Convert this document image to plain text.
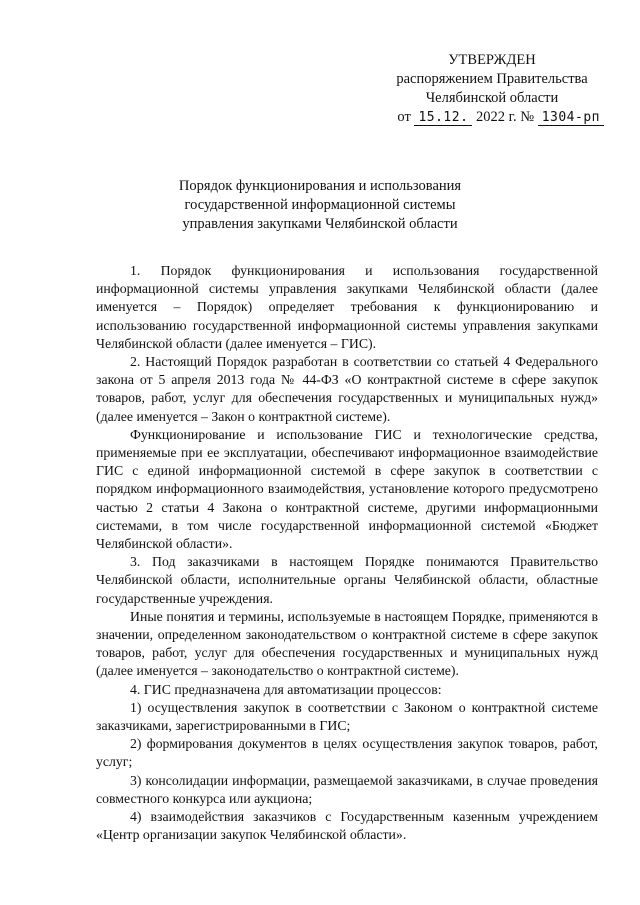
УТВЕРЖДЕН
распоряжением Правительства
Челябинской области
от 15.12. 2022 г. № 1304-рп
Порядок функционирования и использования
государственной информационной системы
управления закупками Челябинской области

1. Порядок функционирования и использования государственной информационной системы управления закупками Челябинской области (далее именуется – Порядок) определяет требования к функционированию и использованию государственной информационной системы управления закупками Челябинской области (далее именуется – ГИС).

2. Настоящий Порядок разработан в соответствии со статьей 4 Федерального закона от 5 апреля 2013 года № 44-ФЗ «О контрактной системе в сфере закупок товаров, работ, услуг для обеспечения государственных и муниципальных нужд» (далее именуется – Закон о контрактной системе).

Функционирование и использование ГИС и технологические средства, применяемые при ее эксплуатации, обеспечивают информационное взаимодействие ГИС с единой информационной системой в сфере закупок в соответствии с порядком информационного взаимодействия, установление которого предусмотрено частью 2 статьи 4 Закона о контрактной системе, другими информационными системами, в том числе государственной информационной системой «Бюджет Челябинской области».

3. Под заказчиками в настоящем Порядке понимаются Правительство Челябинской области, исполнительные органы Челябинской области, областные государственные учреждения.

Иные понятия и термины, используемые в настоящем Порядке, применяются в значении, определенном законодательством о контрактной системе в сфере закупок товаров, работ, услуг для обеспечения государственных и муниципальных нужд (далее именуется – законодательство о контрактной системе).

4. ГИС предназначена для автоматизации процессов:

1) осуществления закупок в соответствии с Законом о контрактной системе заказчиками, зарегистрированными в ГИС;

2) формирования документов в целях осуществления закупок товаров, работ, услуг;

3) консолидации информации, размещаемой заказчиками, в случае проведения совместного конкурса или аукциона;

4) взаимодействия заказчиков с Государственным казенным учреждением «Центр организации закупок Челябинской области».
